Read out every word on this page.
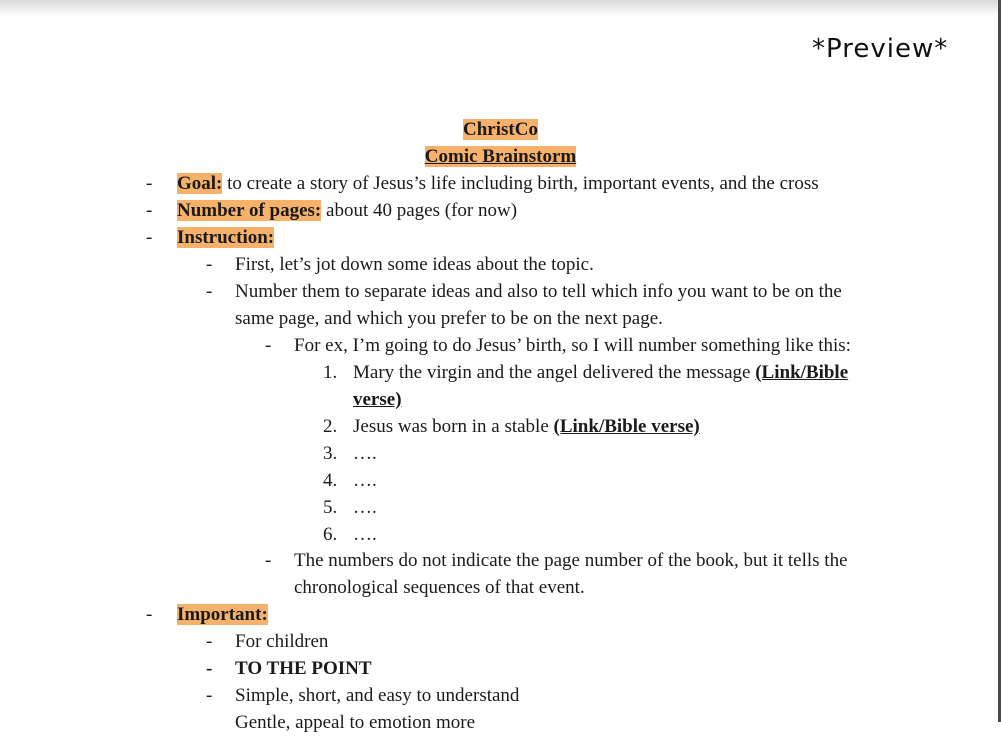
*Preview*
ChristCo
Comic Brainstorm
- Goal: to create a story of Jesus’s life including birth, important events, and the cross
- Number of pages: about 40 pages (for now)
- Instruction:
- First, let’s jot down some ideas about the topic.
- Number them to separate ideas and also to tell which info you want to be on the
same page, and which you prefer to be on the next page.
- For ex, I’m going to do Jesus’ birth, so I will number something like this:
1. Mary the virgin and the angel delivered the message (Link/Bible
verse)
2. Jesus was born in a stable (Link/Bible verse)
3. ….
4. ….
5. ….
6. ….
- The numbers do not indicate the page number of the book, but it tells the
chronological sequences of that event.
- Important:
- For children
- TO THE POINT
- Simple, short, and easy to understand
Gentle, appeal to emotion more
